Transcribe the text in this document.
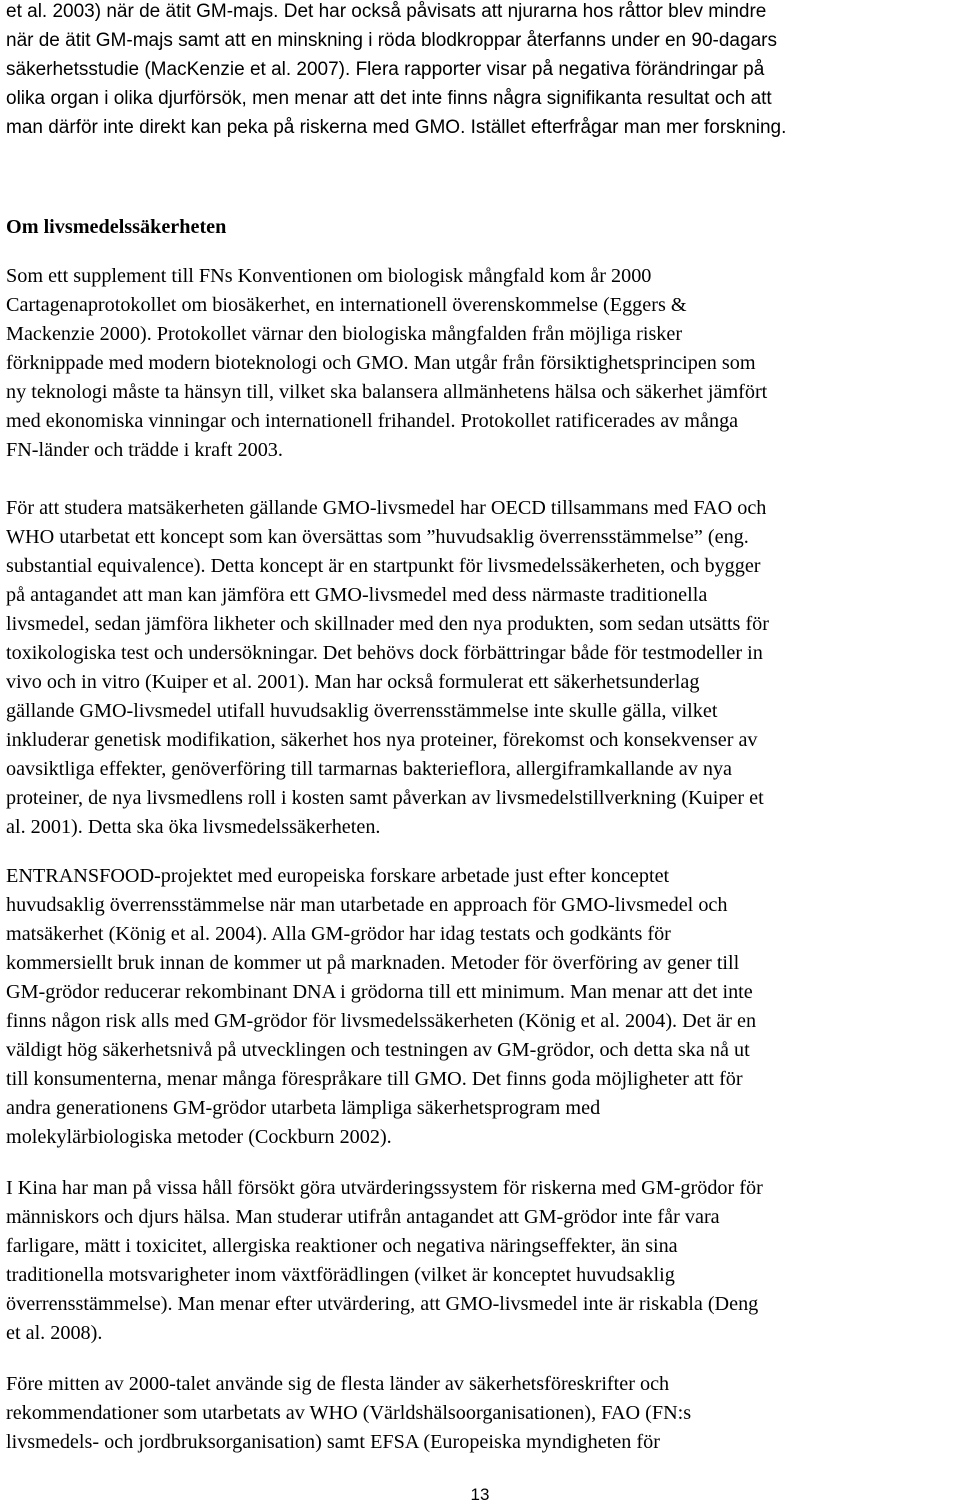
et al. 2003) när de ätit GM-majs. Det har också påvisats att njurarna hos råttor blev mindre
när de ätit GM-majs samt att en minskning i röda blodkroppar återfanns under en 90-dagars
säkerhetsstudie (MacKenzie et al. 2007). Flera rapporter visar på negativa förändringar på
olika organ i olika djurförsök, men menar att det inte finns några signifikanta resultat och att
man därför inte direkt kan peka på riskerna med GMO. Istället efterfrågar man mer forskning.
Om livsmedelssäkerheten
Som ett supplement till FNs Konventionen om biologisk mångfald kom år 2000
Cartagenaprotokollet om biosäkerhet, en internationell överenskommelse (Eggers &
Mackenzie 2000). Protokollet värnar den biologiska mångfalden från möjliga risker
förknippade med modern bioteknologi och GMO. Man utgår från försiktighetsprincipen som
ny teknologi måste ta hänsyn till, vilket ska balansera allmänhetens hälsa och säkerhet jämfört
med ekonomiska vinningar och internationell frihandel. Protokollet ratificerades av många
FN-länder och trädde i kraft 2003.
För att studera matsäkerheten gällande GMO-livsmedel har OECD tillsammans med FAO och
WHO utarbetat ett koncept som kan översättas som ”huvudsaklig överrensstämmelse” (eng.
substantial equivalence). Detta koncept är en startpunkt för livsmedelssäkerheten, och bygger
på antagandet att man kan jämföra ett GMO-livsmedel med dess närmaste traditionella
livsmedel, sedan jämföra likheter och skillnader med den nya produkten, som sedan utsätts för
toxikologiska test och undersökningar. Det behövs dock förbättringar både för testmodeller in
vivo och in vitro (Kuiper et al. 2001). Man har också formulerat ett säkerhetsunderlag
gällande GMO-livsmedel utifall huvudsaklig överrensstämmelse inte skulle gälla, vilket
inkluderar genetisk modifikation, säkerhet hos nya proteiner, förekomst och konsekvenser av
oavsiktliga effekter, genöverföring till tarmarnas bakterieflora, allergiframkallande av nya
proteiner, de nya livsmedlens roll i kosten samt påverkan av livsmedelstillverkning (Kuiper et
al. 2001). Detta ska öka livsmedelssäkerheten.
ENTRANSFOOD-projektet med europeiska forskare arbetade just efter konceptet
huvudsaklig överrensstämmelse när man utarbetade en approach för GMO-livsmedel och
matsäkerhet (König et al. 2004). Alla GM-grödor har idag testats och godkänts för
kommersiellt bruk innan de kommer ut på marknaden. Metoder för överföring av gener till
GM-grödor reducerar rekombinant DNA i grödorna till ett minimum. Man menar att det inte
finns någon risk alls med GM-grödor för livsmedelssäkerheten (König et al. 2004). Det är en
väldigt hög säkerhetsnivå på utvecklingen och testningen av GM-grödor, och detta ska nå ut
till konsumenterna, menar många förespråkare till GMO. Det finns goda möjligheter att för
andra generationens GM-grödor utarbeta lämpliga säkerhetsprogram med
molekylärbiologiska metoder (Cockburn 2002).
I Kina har man på vissa håll försökt göra utvärderingssystem för riskerna med GM-grödor för
människors och djurs hälsa. Man studerar utifrån antagandet att GM-grödor inte får vara
farligare, mätt i toxicitet, allergiska reaktioner och negativa näringseffekter, än sina
traditionella motsvarigheter inom växtförädlingen (vilket är konceptet huvudsaklig
överrensstämmelse). Man menar efter utvärdering, att GMO-livsmedel inte är riskabla (Deng
et al. 2008).
Före mitten av 2000-talet använde sig de flesta länder av säkerhetsföreskrifter och
rekommendationer som utarbetats av WHO (Världshälsoorganisationen), FAO (FN:s
livsmedels- och jordbruksorganisation) samt EFSA (Europeiska myndigheten för
13
